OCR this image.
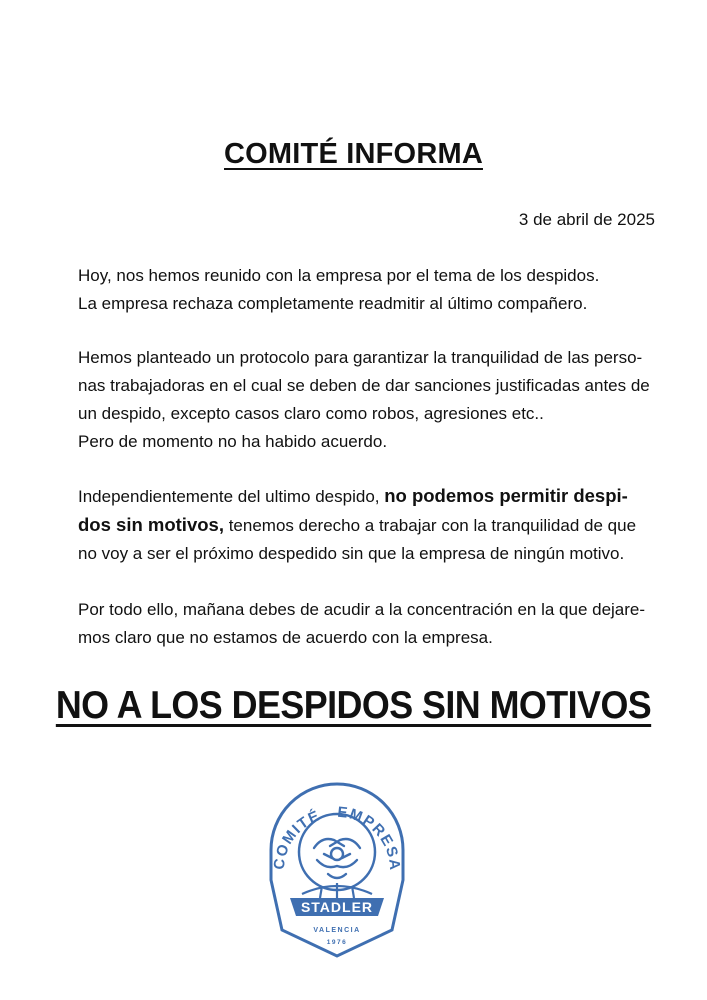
COMITÉ INFORMA

3 de abril de 2025

Hoy, nos hemos reunido con la empresa por el tema de los despidos.
La empresa rechaza completamente readmitir al último compañero.

Hemos planteado un protocolo para garantizar la tranquilidad de las perso-
nas trabajadoras en el cual se deben de dar sanciones justificadas antes de
un despido, excepto casos claro como robos, agresiones etc..
Pero de momento no ha habido acuerdo.

Independientemente del ultimo despido, no podemos permitir despi-
dos sin motivos, tenemos derecho a trabajar con la tranquilidad de que
no voy a ser el próximo despedido sin que la empresa de ningún motivo.

Por todo ello, mañana debes de acudir a la concentración en la que dejare-
mos claro que no estamos de acuerdo con la empresa.

NO A LOS DESPIDOS SIN MOTIVOS
COMITÉ EMPRESA
STADLER
VALENCIA
1976
